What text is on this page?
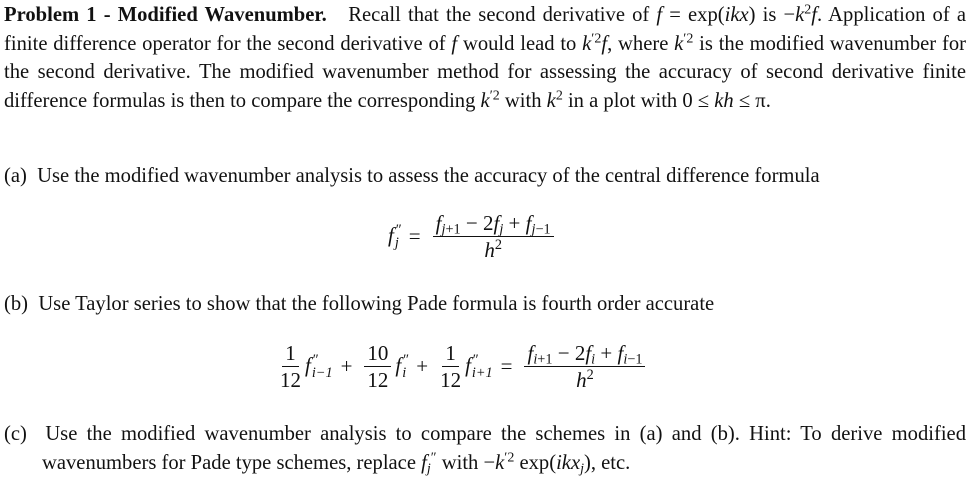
Problem 1 - Modified Wavenumber.   Recall that the second derivative of f = exp(ikx) is $-k^2f$. Application of a finite difference operator for the second derivative of f would lead to $k^{'2}f$, where $k^{'2}$ is the modified wavenumber for the second derivative. The modified wavenumber method for assessing the accuracy of second derivative finite difference formulas is then to compare the corresponding $k^{'2}$ with $k^2$ in a plot with 0 ≤ kh ≤ π.

(a) Use the modified wavenumber analysis to assess the accuracy of the central difference formula

f ″
$j = \frac{f_{j+1} - 2f_j + f_{j-1}}{h^2}$

(b) Use Taylor series to show that the following Pade formula is fourth order accurate

$\frac{1}{12}$ f ″
$i-1 + \frac{10}{12}$ f ″
$i + \frac{1}{12}$ f ″
$i+1 = \frac{f_{i+1} - 2f_i + f_{i-1}}{h^2}$

(c) Use the modified wavenumber analysis to compare the schemes in (a) and (b). Hint: To derive modified wavenumbers for Pade type schemes, replace $f_j''$ with $-k^{'2}$ exp(ikx$_j$), etc.
